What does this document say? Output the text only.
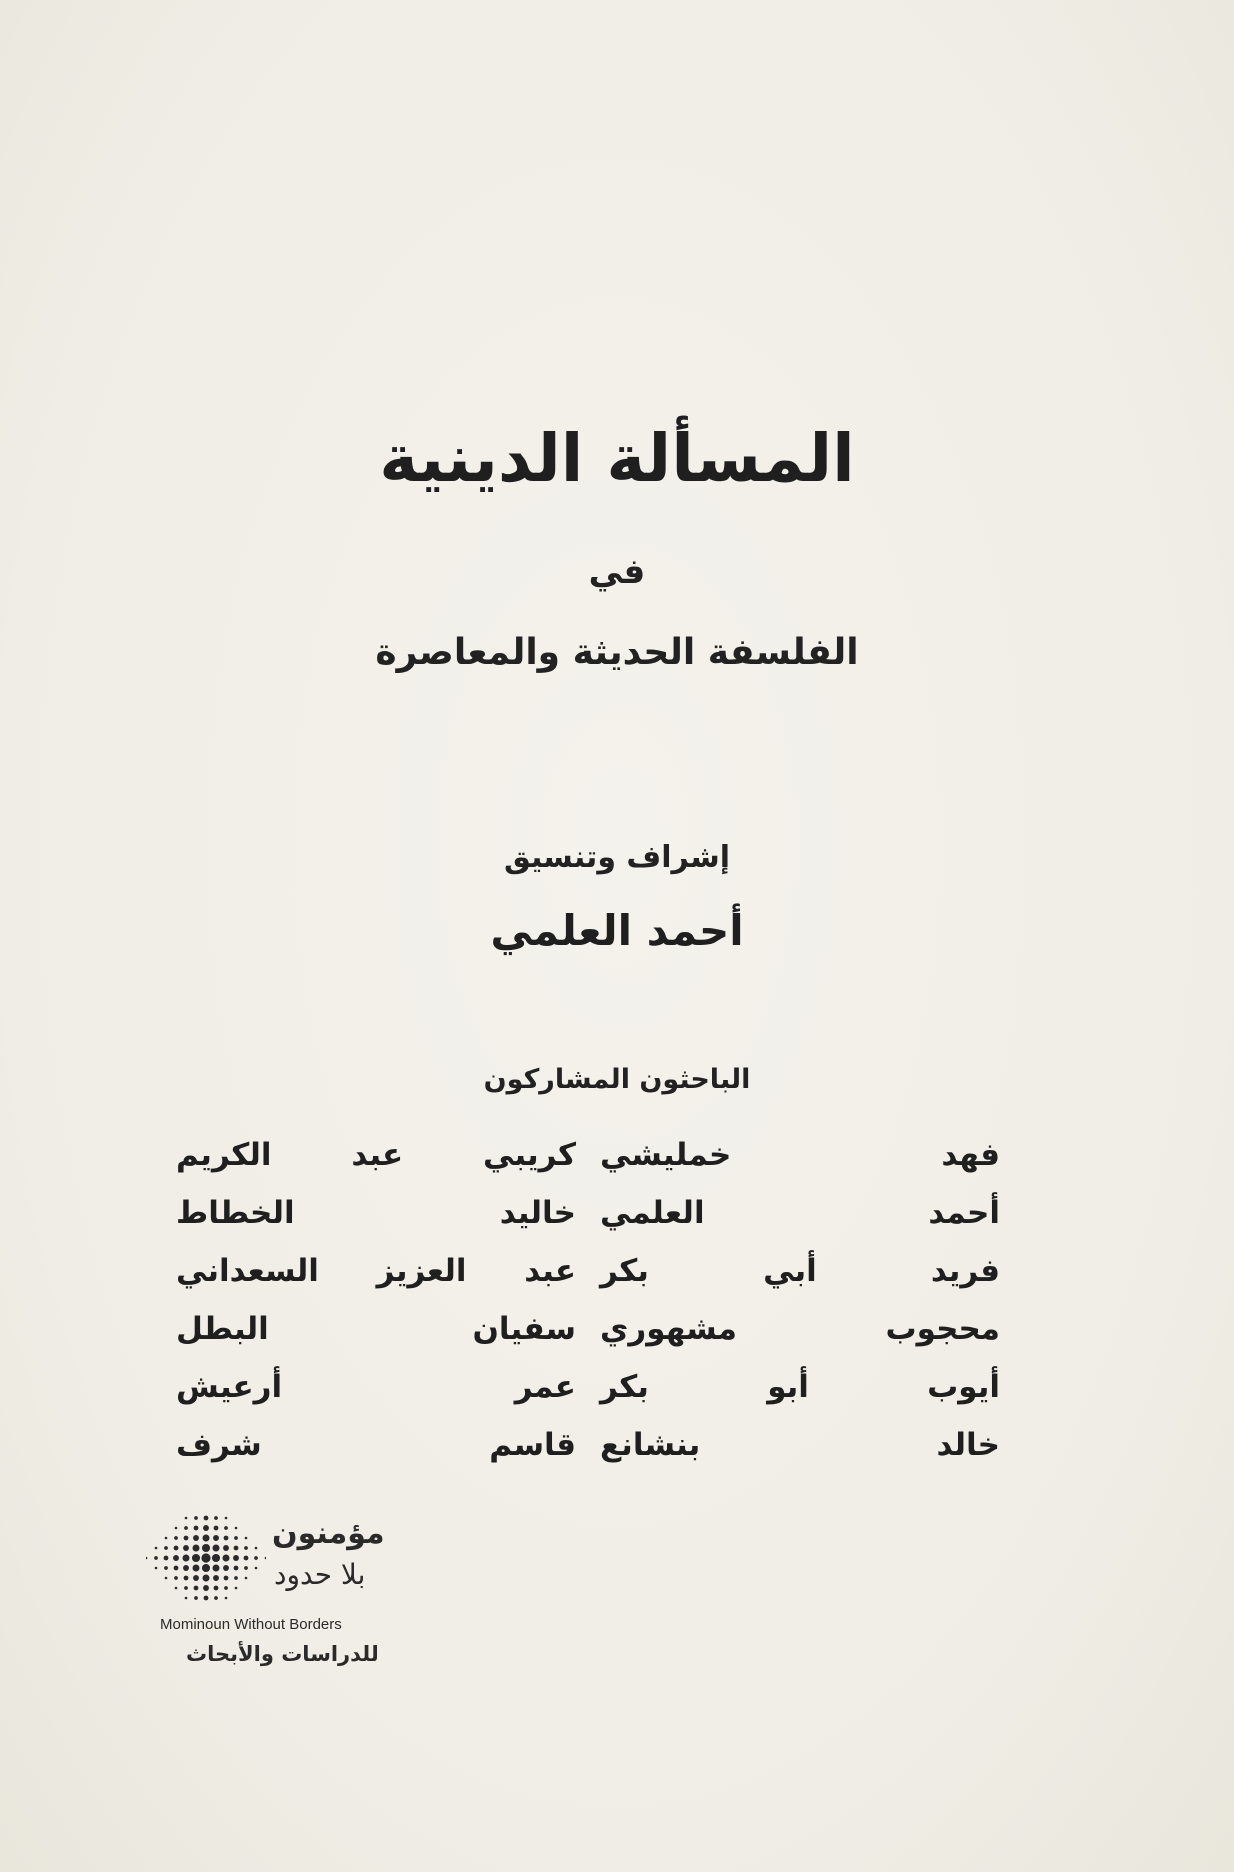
المسألة الدينية
في
الفلسفة الحديثة والمعاصرة
إشراف وتنسيق
أحمد العلمي
الباحثون المشاركون
فهد خمليشي
أحمد العلمي
فريد أبي بكر
محجوب مشهوري
أيوب أبو بكر
خالد بنشانع
كريبي عبد الكريم
خاليد الخطاط
عبد العزيز السعداني
سفيان البطل
عمر أرعيش
قاسم شرف
مؤمنون
بلا حدود
Mominoun Without Borders
للدراسات والأبحاث
